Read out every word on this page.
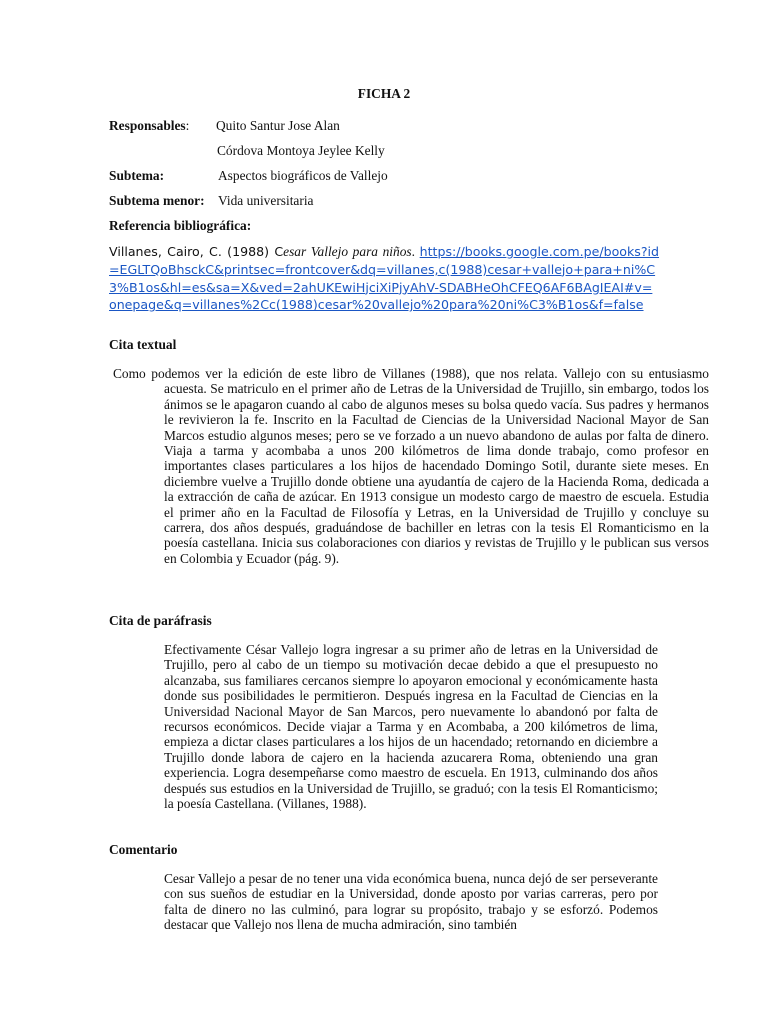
FICHA 2
Responsables: Quito Santur Jose Alan
Córdova Montoya Jeylee Kelly
Subtema:	Aspectos biográficos de Vallejo
Subtema menor: Vida universitaria
Referencia bibliográfica:
Villanes, Cairo, C. (1988) Cesar Vallejo para niños. https://books.google.com.pe/books?id=EGLTQoBhsckC&printsec=frontcover&dq=villanes,c(1988)cesar+vallejo+para+ni%C3%B1os&hl=es&sa=X&ved=2ahUKEwiHjciXiPjyAhV-SDABHeOhCFEQ6AF6BAgIEAI#v=onepage&q=villanes%2Cc(1988)cesar%20vallejo%20para%20ni%C3%B1os&f=false
Cita textual
Como podemos ver la edición de este libro de Villanes (1988), que nos relata. Vallejo con su entusiasmo acuesta. Se matriculo en el primer año de Letras de la Universidad de Trujillo, sin embargo, todos los ánimos se le apagaron cuando al cabo de algunos meses su bolsa quedo vacía. Sus padres y hermanos le revivieron la fe. Inscrito en la Facultad de Ciencias de la Universidad Nacional Mayor de San Marcos estudio algunos meses; pero se ve forzado a un nuevo abandono de aulas por falta de dinero. Viaja a tarma y acombaba a unos 200 kilómetros de lima donde trabajo, como profesor en importantes clases particulares a los hijos de hacendado Domingo Sotil, durante siete meses. En diciembre vuelve a Trujillo donde obtiene una ayudantía de cajero de la Hacienda Roma, dedicada a la extracción de caña de azúcar. En 1913 consigue un modesto cargo de maestro de escuela. Estudia el primer año en la Facultad de Filosofía y Letras, en la Universidad de Trujillo y concluye su carrera, dos años después, graduándose de bachiller en letras con la tesis El Romanticismo en la poesía castellana. Inicia sus colaboraciones con diarios y revistas de Trujillo y le publican sus versos en Colombia y Ecuador (pág. 9).
Cita de paráfrasis
Efectivamente César Vallejo logra ingresar a su primer año de letras en la Universidad de Trujillo, pero al cabo de un tiempo su motivación decae debido a que el presupuesto no alcanzaba, sus familiares cercanos siempre lo apoyaron emocional y económicamente hasta donde sus posibilidades le permitieron. Después ingresa en la Facultad de Ciencias en la Universidad Nacional Mayor de San Marcos, pero nuevamente lo abandonó por falta de recursos económicos. Decide viajar a Tarma y en Acombaba, a 200 kilómetros de lima, empieza a dictar clases particulares a los hijos de un hacendado; retornando en diciembre a Trujillo donde labora de cajero en la hacienda azucarera Roma, obteniendo una gran experiencia. Logra desempeñarse como maestro de escuela. En 1913, culminando dos años después sus estudios en la Universidad de Trujillo, se graduó; con la tesis El Romanticismo; la poesía Castellana. (Villanes, 1988).
Comentario
Cesar Vallejo a pesar de no tener una vida económica buena, nunca dejó de ser perseverante con sus sueños de estudiar en la Universidad, donde aposto por varias carreras, pero por falta de dinero no las culminó, para lograr su propósito, trabajo y se esforzó. Podemos destacar que Vallejo nos llena de mucha admiración, sino también
